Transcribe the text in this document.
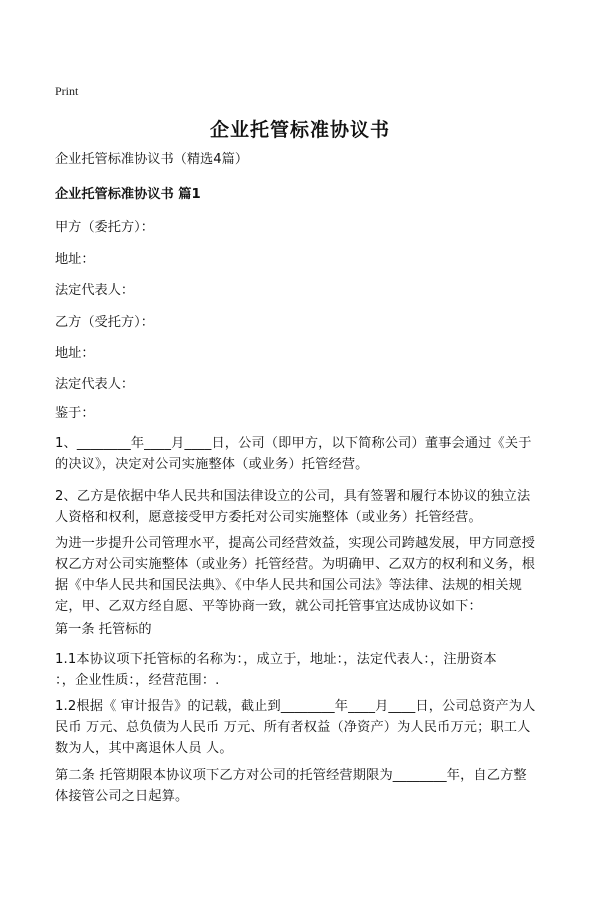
Print
企业托管标准协议书
企业托管标准协议书（精选4篇）
企业托管标准协议书 篇1
甲方（委托方）：
地址：
法定代表人：
乙方（受托方）：
地址：
法定代表人：
鉴于：
1、________年____月____日，公司（即甲方，以下简称公司）董事会通过《关于
的决议》，决定对公司实施整体（或业务）托管经营。
2、乙方是依据中华人民共和国法律设立的公司，具有签署和履行本协议的独立法
人资格和权利，愿意接受甲方委托对公司实施整体（或业务）托管经营。
为进一步提升公司管理水平，提高公司经营效益，实现公司跨越发展，甲方同意授
权乙方对公司实施整体（或业务）托管经营。为明确甲、乙双方的权利和义务，根
据《中华人民共和国民法典》、《中华人民共和国公司法》等法律、法规的相关规
定，甲、乙双方经自愿、平等协商一致，就公司托管事宜达成协议如下：
第一条 托管标的
1.1本协议项下托管标的名称为：，成立于，地址：，法定代表人：，注册资本
：，企业性质：，经营范围：.
1.2根据《 审计报告》的记载，截止到________年____月____日，公司总资产为人
民币 万元、总负债为人民币 万元、所有者权益（净资产）为人民币万元；职工人
数为人，其中离退休人员 人。
第二条 托管期限本协议项下乙方对公司的托管经营期限为________年，自乙方整
体接管公司之日起算。
